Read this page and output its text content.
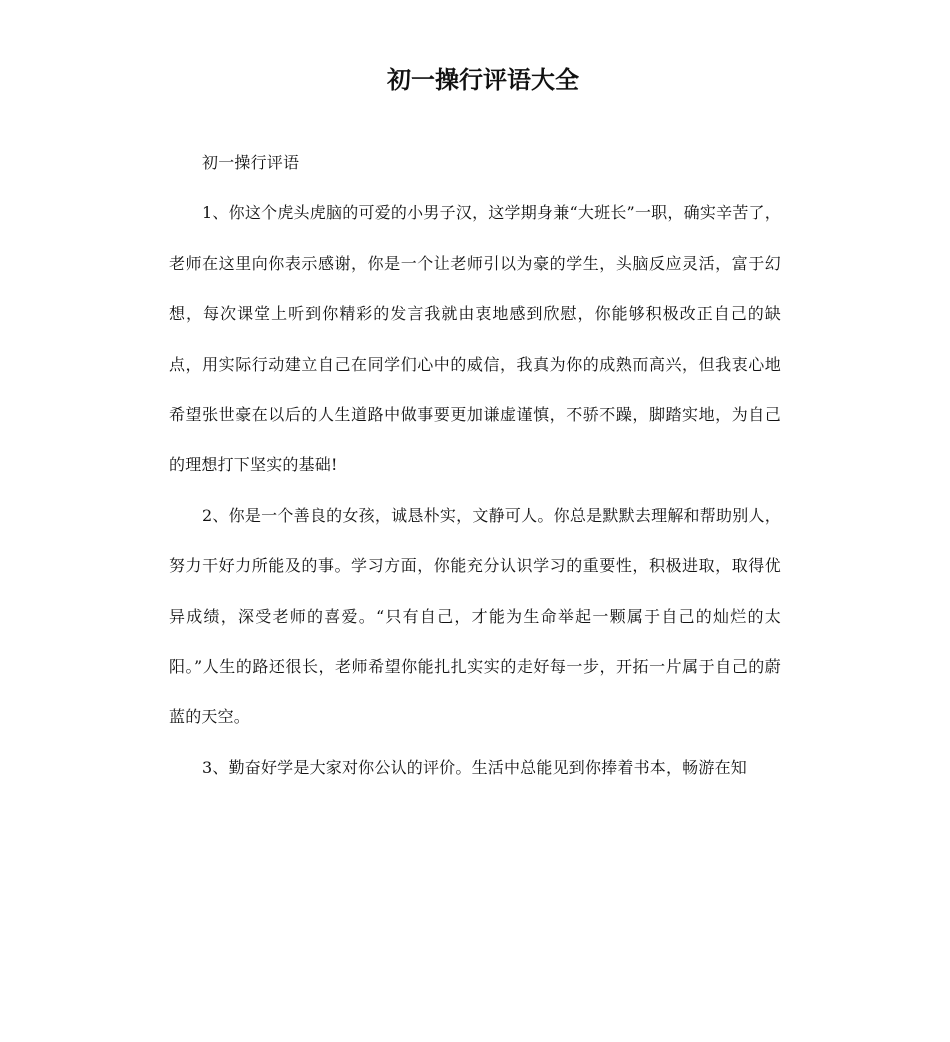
初一操行评语大全

初一操行评语

1、你这个虎头虎脑的可爱的小男子汉，这学期身兼“大班长”一职，确实辛苦了，老师在这里向你表示感谢，你是一个让老师引以为豪的学生，头脑反应灵活，富于幻想，每次课堂上听到你精彩的发言我就由衷地感到欣慰，你能够积极改正自己的缺点，用实际行动建立自己在同学们心中的威信，我真为你的成熟而高兴，但我衷心地希望张世豪在以后的人生道路中做事要更加谦虚谨慎，不骄不躁，脚踏实地，为自己的理想打下坚实的基础!

2、你是一个善良的女孩，诚恳朴实，文静可人。你总是默默去理解和帮助别人，努力干好力所能及的事。学习方面，你能充分认识学习的重要性，积极进取，取得优异成绩，深受老师的喜爱。“只有自己，才能为生命举起一颗属于自己的灿烂的太阳。”人生的路还很长，老师希望你能扎扎实实的走好每一步，开拓一片属于自己的蔚蓝的天空。

3、勤奋好学是大家对你公认的评价。生活中总能见到你捧着书本，畅游在知
